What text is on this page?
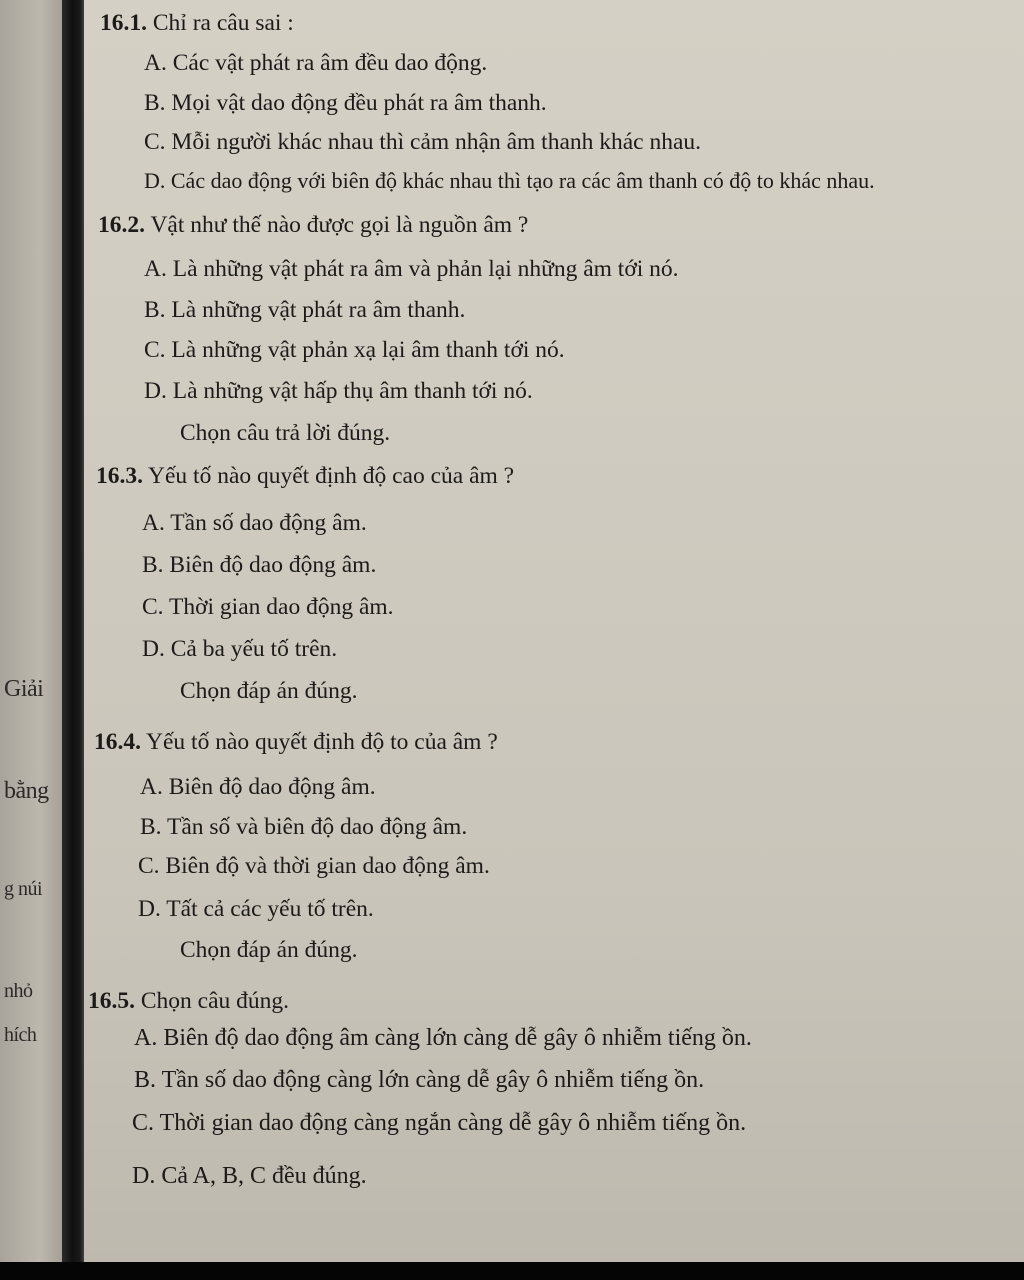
Giải
bằng
g núi
nhỏ
hích
16.1. Chỉ ra câu sai :
A. Các vật phát ra âm đều dao động.
B. Mọi vật dao động đều phát ra âm thanh.
C. Mỗi người khác nhau thì cảm nhận âm thanh khác nhau.
D. Các dao động với biên độ khác nhau thì tạo ra các âm thanh có độ to khác nhau.
16.2. Vật như thế nào được gọi là nguồn âm ?
A. Là những vật phát ra âm và phản lại những âm tới nó.
B. Là những vật phát ra âm thanh.
C. Là những vật phản xạ lại âm thanh tới nó.
D. Là những vật hấp thụ âm thanh tới nó.
Chọn câu trả lời đúng.
16.3. Yếu tố nào quyết định độ cao của âm ?
A. Tần số dao động âm.
B. Biên độ dao động âm.
C. Thời gian dao động âm.
D. Cả ba yếu tố trên.
Chọn đáp án đúng.
16.4. Yếu tố nào quyết định độ to của âm ?
A. Biên độ dao động âm.
B. Tần số và biên độ dao động âm.
C. Biên độ và thời gian dao động âm.
D. Tất cả các yếu tố trên.
Chọn đáp án đúng.
16.5. Chọn câu đúng.
A. Biên độ dao động âm càng lớn càng dễ gây ô nhiễm tiếng ồn.
B. Tần số dao động càng lớn càng dễ gây ô nhiễm tiếng ồn.
C. Thời gian dao động càng ngắn càng dễ gây ô nhiễm tiếng ồn.
D. Cả A, B, C đều đúng.
